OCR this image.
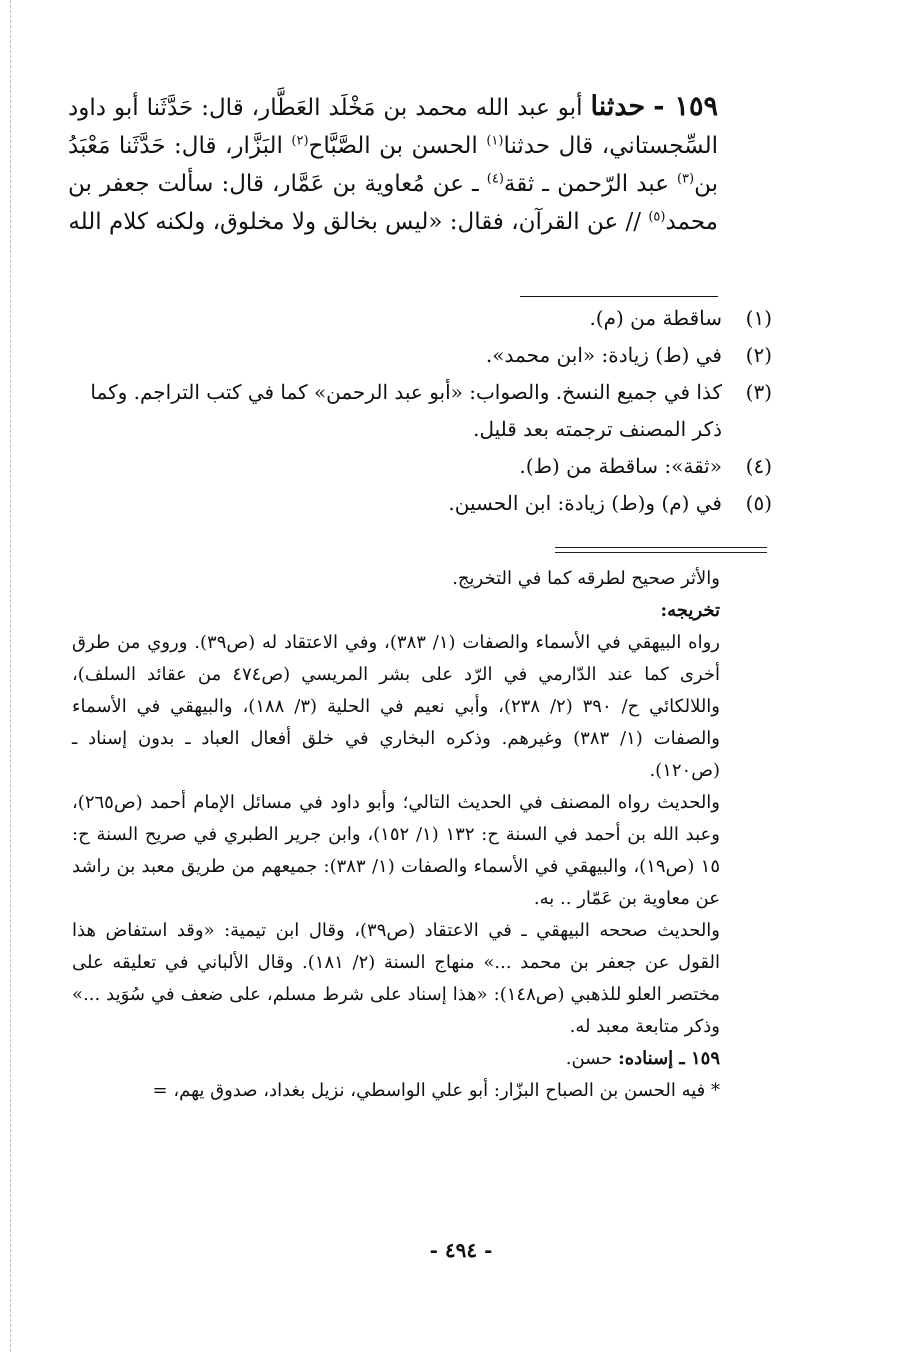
١٥٩ - حدثنا أبو عبد الله محمد بن مَخْلَد العَطَّار، قال: حَدَّثَنا أبو داود السِّجستاني، قال حدثنا$^{(١)}$ الحسن بن الصَّبَّاح$^{(٢)}$ البَزَّار، قال: حَدَّثَنا مَعْبَدُ بن$^{(٣)}$ عبد الرّحمن ـ ثقة$^{(٤)}$ ـ عن مُعاوية بن عَمَّار، قال: سألت جعفر بن محمد$^{(٥)}$ // عن القرآن، فقال: «ليس بخالق ولا مخلوق، ولكنه كلام الله
(١)
ساقطة من (م).
(٢)
في (ط) زيادة: «ابن محمد».
(٣)
كذا في جميع النسخ. والصواب: «أبو عبد الرحمن» كما في كتب التراجم. وكما ذكر المصنف ترجمته بعد قليل.
(٤)
«ثقة»: ساقطة من (ط).
(٥)
في (م) و(ط) زيادة: ابن الحسين.

والأثر صحيح لطرقه كما في التخريج.

تخريجه:

رواه البيهقي في الأسماء والصفات (١/ ٣٨٣)، وفي الاعتقاد له (ص٣٩). وروي من طرق أخرى كما عند الدّارمي في الرّد على بشر المريسي (ص٤٧٤ من عقائد السلف)، واللالكائي ح/ ٣٩٠ (٢/ ٢٣٨)، وأبي نعيم في الحلية (٣/ ١٨٨)، والبيهقي في الأسماء والصفات (١/ ٣٨٣) وغيرهم. وذكره البخاري في خلق أفعال العباد ـ بدون إسناد ـ (ص١٢٠).

والحديث رواه المصنف في الحديث التالي؛ وأبو داود في مسائل الإمام أحمد (ص٢٦٥)، وعبد الله بن أحمد في السنة ح: ١٣٢ (١/ ١٥٢)، وابن جرير الطبري في صريح السنة ح: ١٥ (ص١٩)، والبيهقي في الأسماء والصفات (١/ ٣٨٣): جميعهم من طريق معبد بن راشد عن معاوية بن عَمّار .. به.

والحديث صححه البيهقي ـ في الاعتقاد (ص٣٩)، وقال ابن تيمية: «وقد استفاض هذا القول عن جعفر بن محمد ...» منهاج السنة (٢/ ١٨١). وقال الألباني في تعليقه على مختصر العلو للذهبي (ص١٤٨): «هذا إسناد على شرط مسلم، على ضعف في سُوَيد ...» وذكر متابعة معبد له.

١٥٩ ـ إسناده: حسن.

* فيه الحسن بن الصباح البزّار: أبو علي الواسطي، نزيل بغداد، صدوق يهم، =

- ٤٩٤ -
